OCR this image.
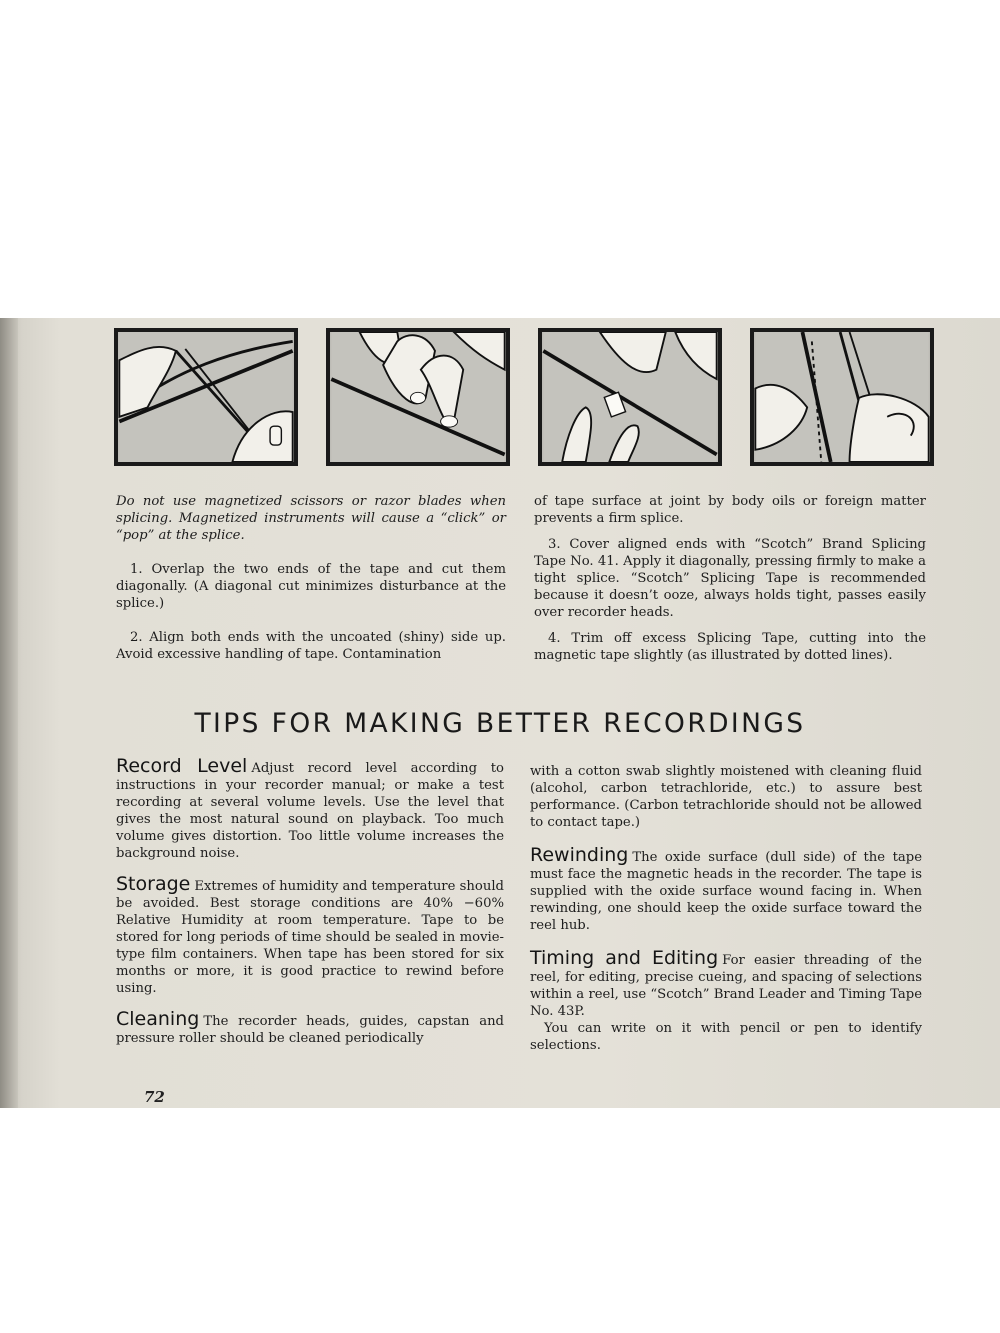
Do not use magnetized scissors or razor blades when splicing. Magnetized instruments will cause a “click” or “pop” at the splice.

1. Overlap the two ends of the tape and cut them diagonally. (A diagonal cut minimizes disturbance at the splice.)

2. Align both ends with the uncoated (shiny) side up. Avoid excessive handling of tape. Contamination

of tape surface at joint by body oils or foreign matter prevents a firm splice.

3. Cover aligned ends with “Scotch” Brand Splicing Tape No. 41. Apply it diagonally, pressing firmly to make a tight splice. “Scotch” Splicing Tape is recommended because it doesn’t ooze, always holds tight, passes easily over recorder heads.

4. Trim off excess Splicing Tape, cutting into the magnetic tape slightly (as illustrated by dotted lines).

TIPS FOR MAKING BETTER RECORDINGS

Record Level Adjust record level according to instructions in your recorder manual; or make a test recording at several volume levels. Use the level that gives the most natural sound on playback. Too much volume gives distortion. Too little volume increases the background noise.

Storage Extremes of humidity and temperature should be avoided. Best storage conditions are 40% −60% Relative Humidity at room temperature. Tape to be stored for long periods of time should be sealed in movie-type film containers. When tape has been stored for six months or more, it is good practice to rewind before using.

Cleaning The recorder heads, guides, capstan and pressure roller should be cleaned periodically

with a cotton swab slightly moistened with cleaning fluid (alcohol, carbon tetrachloride, etc.) to assure best performance. (Carbon tetrachloride should not be allowed to contact tape.)

Rewinding The oxide surface (dull side) of the tape must face the magnetic heads in the recorder. The tape is supplied with the oxide surface wound facing in. When rewinding, one should keep the oxide surface toward the reel hub.

Timing and Editing For easier threading of the reel, for editing, precise cueing, and spacing of selections within a reel, use “Scotch” Brand Leader and Timing Tape No. 43P.

You can write on it with pencil or pen to identify selections.

72
